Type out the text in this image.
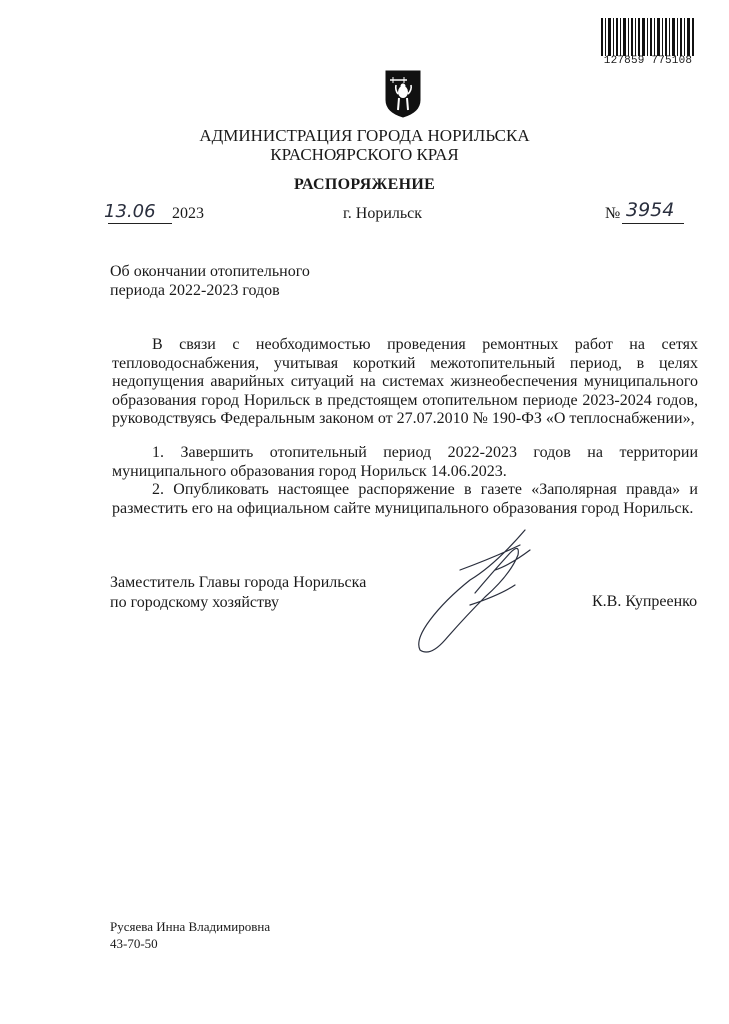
127859 775108
АДМИНИСТРАЦИЯ ГОРОДА НОРИЛЬСКА
КРАСНОЯРСКОГО КРАЯ
РАСПОРЯЖЕНИЕ
13.06 2023	г. Норильск	№ 3954
Об окончании отопительного
периода 2022-2023 годов
В связи с необходимостью проведения ремонтных работ на сетях тепловодоснабжения, учитывая короткий межотопительный период, в целях недопущения аварийных ситуаций на системах жизнеобеспечения муниципального образования город Норильск в предстоящем отопительном периоде 2023-2024 годов, руководствуясь Федеральным законом от 27.07.2010 № 190-ФЗ «О теплоснабжении»,
1. Завершить отопительный период 2022-2023 годов на территории муниципального образования город Норильск 14.06.2023.
2. Опубликовать настоящее распоряжение в газете «Заполярная правда» и разместить его на официальном сайте муниципального образования город Норильск.
Заместитель Главы города Норильска
по городскому хозяйству	К.В. Купреенко
Русяева Инна Владимировна
43-70-50
